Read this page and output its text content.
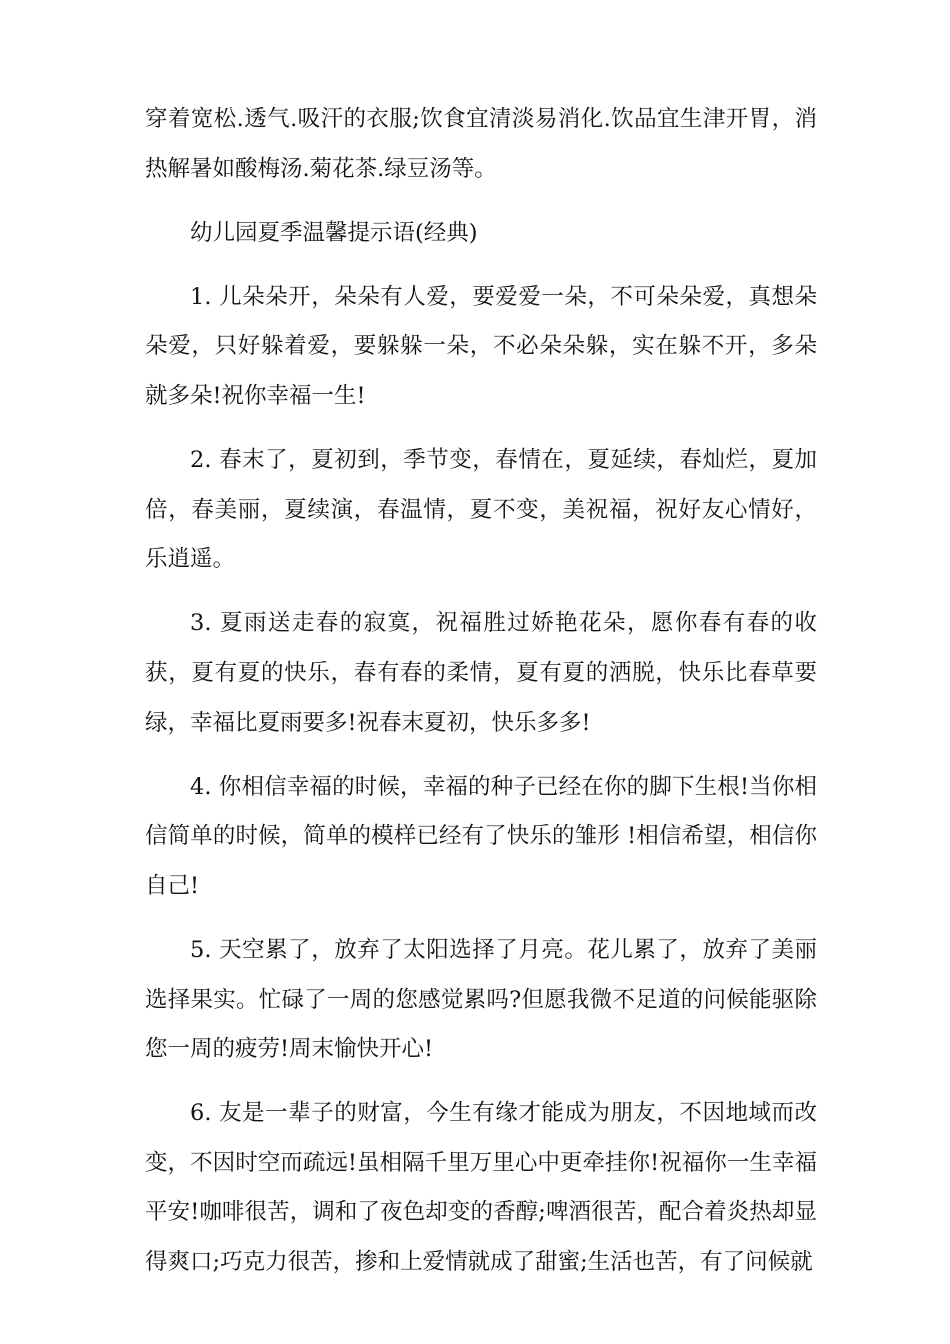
穿着宽松.透气.吸汗的衣服;饮食宜清淡易消化.饮品宜生津开胃，消热解暑如酸梅汤.菊花茶.绿豆汤等。

幼儿园夏季温馨提示语(经典)

1. 儿朵朵开，朵朵有人爱，要爱爱一朵，不可朵朵爱，真想朵朵爱，只好躲着爱，要躲躲一朵，不必朵朵躲，实在躲不开，多朵就多朵!祝你幸福一生!

2. 春末了，夏初到，季节变，春情在，夏延续，春灿烂，夏加倍，春美丽，夏续演，春温情，夏不变，美祝福，祝好友心情好，乐逍遥。

3. 夏雨送走春的寂寞，祝福胜过娇艳花朵，愿你春有春的收获，夏有夏的快乐，春有春的柔情，夏有夏的洒脱，快乐比春草要绿，幸福比夏雨要多!祝春末夏初，快乐多多!

4. 你相信幸福的时候，幸福的种子已经在你的脚下生根!当你相信简单的时候，简单的模样已经有了快乐的雏形 !相信希望，相信你自己!

5. 天空累了，放弃了太阳选择了月亮。花儿累了，放弃了美丽选择果实。忙碌了一周的您感觉累吗?但愿我微不足道的问候能驱除您一周的疲劳!周末愉快开心!

6. 友是一辈子的财富，今生有缘才能成为朋友，不因地域而改变，不因时空而疏远!虽相隔千里万里心中更牵挂你!祝福你一生幸福平安!咖啡很苦，调和了夜色却变的香醇;啤酒很苦，配合着炎热却显得爽口;巧克力很苦，掺和上爱情就成了甜蜜;生活也苦，有了问候就
